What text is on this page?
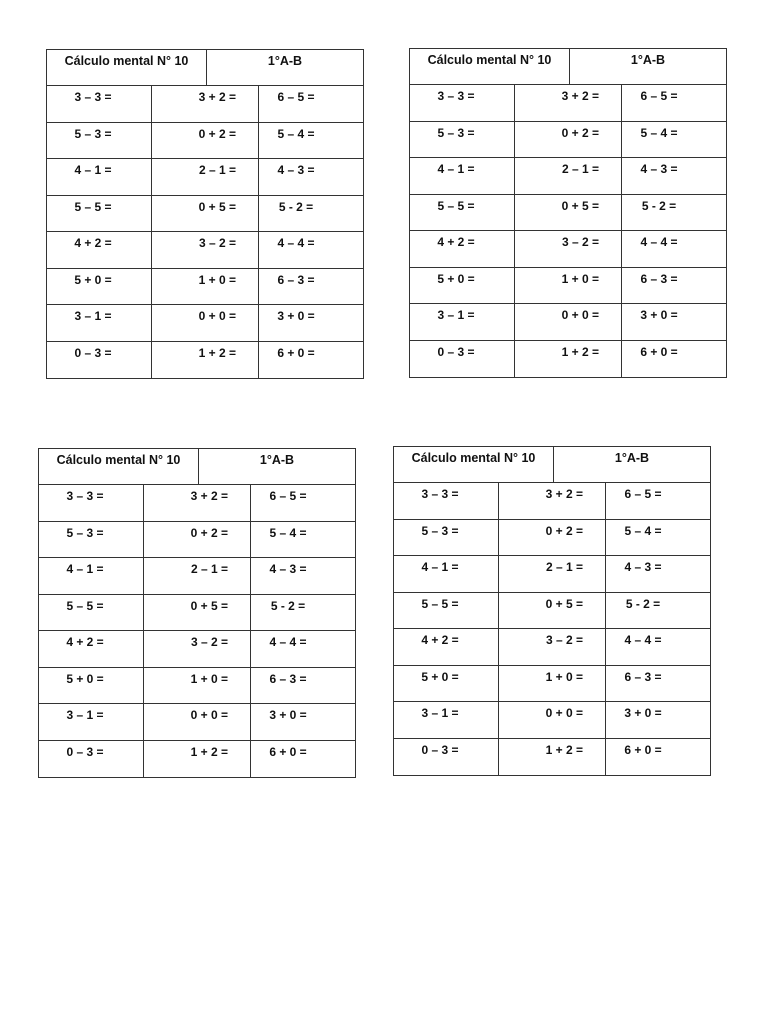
Cálculo mental N° 10	1°A-B
3 – 3 =	3 + 2 =	6 – 5 =
5 – 3 =	0 + 2 =	5 – 4 =
4 – 1 =	2 – 1 =	4 – 3 =
5 – 5 =	0 + 5 =	5 - 2 =
4 + 2 =	3 – 2 =	4 – 4 =
5 + 0 =	1 + 0 =	6 – 3 =
3 – 1 =	0 + 0 =	3 + 0 =
0 – 3 =	1 + 2 =	6 + 0 =
Cálculo mental N° 10	1°A-B
3 – 3 =	3 + 2 =	6 – 5 =
5 – 3 =	0 + 2 =	5 – 4 =
4 – 1 =	2 – 1 =	4 – 3 =
5 – 5 =	0 + 5 =	5 - 2 =
4 + 2 =	3 – 2 =	4 – 4 =
5 + 0 =	1 + 0 =	6 – 3 =
3 – 1 =	0 + 0 =	3 + 0 =
0 – 3 =	1 + 2 =	6 + 0 =
Cálculo mental N° 10	1°A-B
3 – 3 =	3 + 2 =	6 – 5 =
5 – 3 =	0 + 2 =	5 – 4 =
4 – 1 =	2 – 1 =	4 – 3 =
5 – 5 =	0 + 5 =	5 - 2 =
4 + 2 =	3 – 2 =	4 – 4 =
5 + 0 =	1 + 0 =	6 – 3 =
3 – 1 =	0 + 0 =	3 + 0 =
0 – 3 =	1 + 2 =	6 + 0 =
Cálculo mental N° 10	1°A-B
3 – 3 =	3 + 2 =	6 – 5 =
5 – 3 =	0 + 2 =	5 – 4 =
4 – 1 =	2 – 1 =	4 – 3 =
5 – 5 =	0 + 5 =	5 - 2 =
4 + 2 =	3 – 2 =	4 – 4 =
5 + 0 =	1 + 0 =	6 – 3 =
3 – 1 =	0 + 0 =	3 + 0 =
0 – 3 =	1 + 2 =	6 + 0 =
